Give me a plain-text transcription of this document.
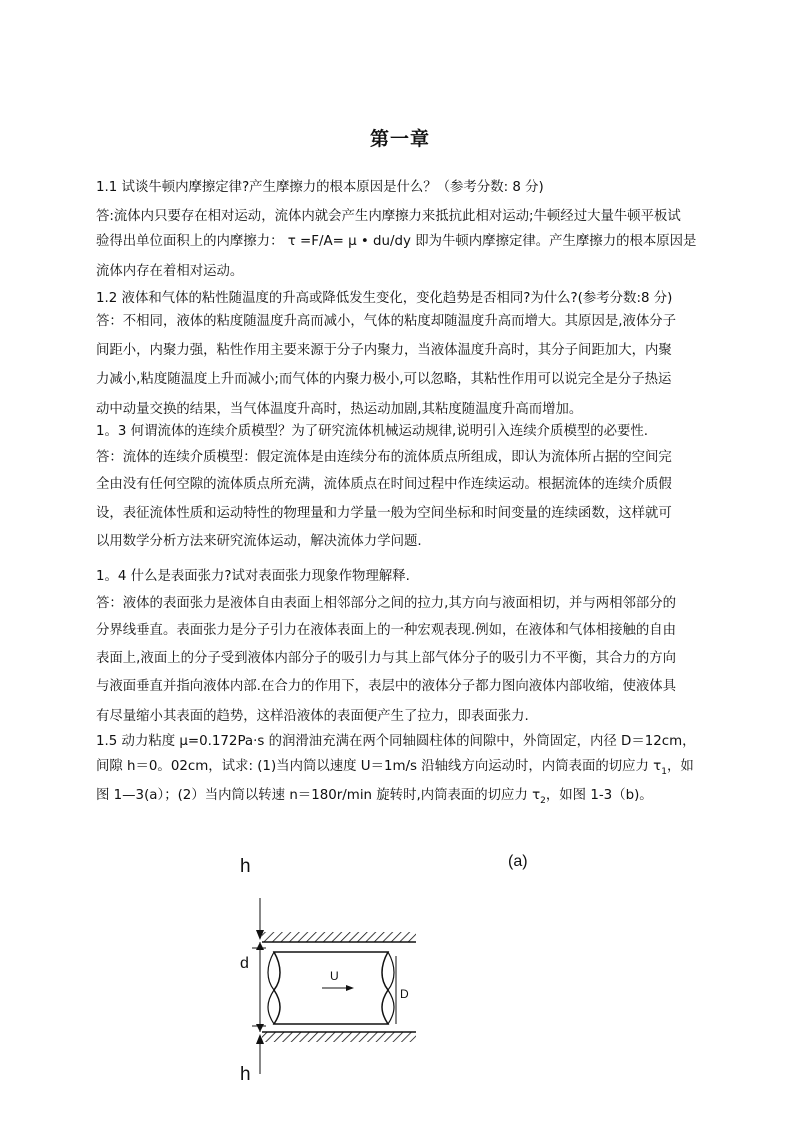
第一章
1.1 试谈牛顿内摩擦定律?产生摩擦力的根本原因是什么？（参考分数: 8 分)
答:流体内只要存在相对运动，流体内就会产生内摩擦力来抵抗此相对运动;牛顿经过大量牛顿平板试
验得出单位面积上的内摩擦力： τ =F/A= μ • du/dy 即为牛顿内摩擦定律。产生摩擦力的根本原因是
流体内存在着相对运动。
1.2 液体和气体的粘性随温度的升高或降低发生变化，变化趋势是否相同?为什么?(参考分数:8 分)
答：不相同，液体的粘度随温度升高而减小，气体的粘度却随温度升高而增大。其原因是,液体分子
间距小，内聚力强，粘性作用主要来源于分子内聚力，当液体温度升高时，其分子间距加大，内聚
力减小,粘度随温度上升而减小;而气体的内聚力极小,可以忽略，其粘性作用可以说完全是分子热运
动中动量交换的结果，当气体温度升高时，热运动加剧,其粘度随温度升高而增加。
1。3 何谓流体的连续介质模型？为了研究流体机械运动规律,说明引入连续介质模型的必要性.
答：流体的连续介质模型：假定流体是由连续分布的流体质点所组成，即认为流体所占据的空间完
全由没有任何空隙的流体质点所充满，流体质点在时间过程中作连续运动。根据流体的连续介质假
设，表征流体性质和运动特性的物理量和力学量一般为空间坐标和时间变量的连续函数，这样就可
以用数学分析方法来研究流体运动，解决流体力学问题.
1。4 什么是表面张力?试对表面张力现象作物理解释.
答：液体的表面张力是液体自由表面上相邻部分之间的拉力,其方向与液面相切，并与两相邻部分的
分界线垂直。表面张力是分子引力在液体表面上的一种宏观表现.例如，在液体和气体相接触的自由
表面上,液面上的分子受到液体内部分子的吸引力与其上部气体分子的吸引力不平衡，其合力的方向
与液面垂直并指向液体内部.在合力的作用下，表层中的液体分子都力图向液体内部收缩，使液体具
有尽量缩小其表面的趋势，这样沿液体的表面便产生了拉力，即表面张力.
1.5 动力粘度 μ=0.172Pa·s 的润滑油充满在两个同轴圆柱体的间隙中，外筒固定，内径 D＝12cm，
间隙 h＝0。02cm，试求: (1)当内筒以速度 U＝1m/s 沿轴线方向运动时，内筒表面的切应力 $\tau_1$，如
图 1—3(a）；(2）当内筒以转速 n＝180r/min 旋转时,内筒表面的切应力 $\tau_2$，如图 1-3（b)。
h	(a)
d
U
D
h
